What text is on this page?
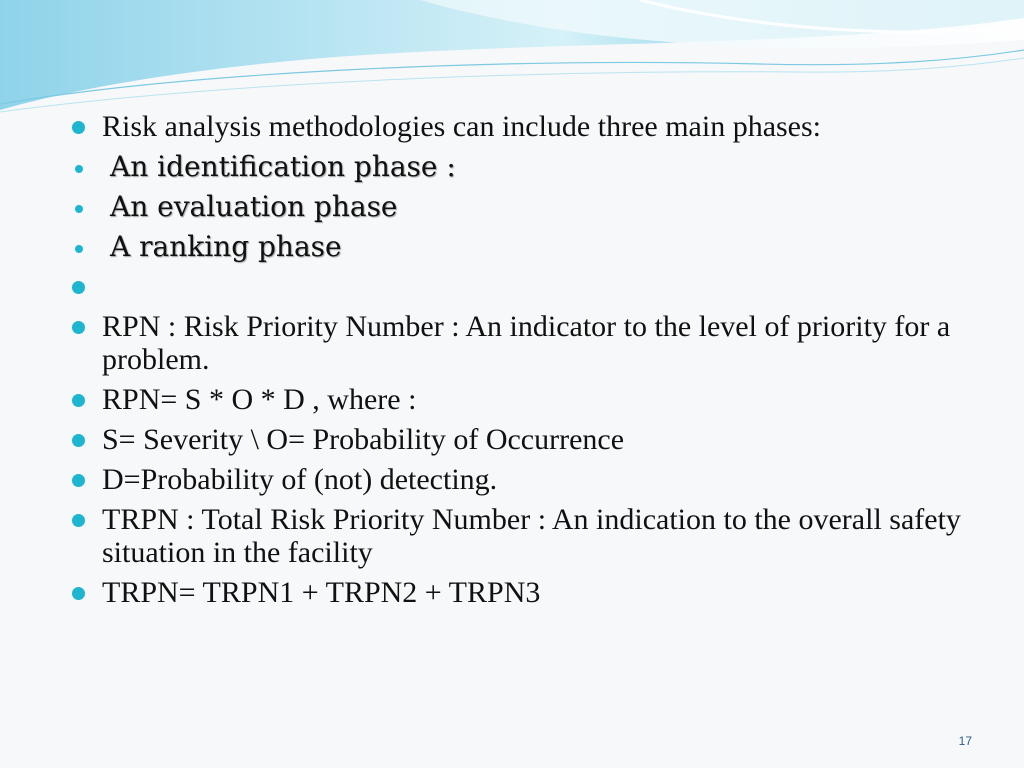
Risk analysis methodologies can include three main phases:
An identification phase :
An evaluation phase
A ranking phase
RPN : Risk Priority Number : An indicator to the level of priority for a problem.
RPN= S * O * D , where :
S= Severity \ O= Probability of Occurrence
D=Probability of (not) detecting.
TRPN : Total Risk Priority Number : An indication to the overall safety situation in the facility
TRPN= TRPN1 + TRPN2 + TRPN3
17
